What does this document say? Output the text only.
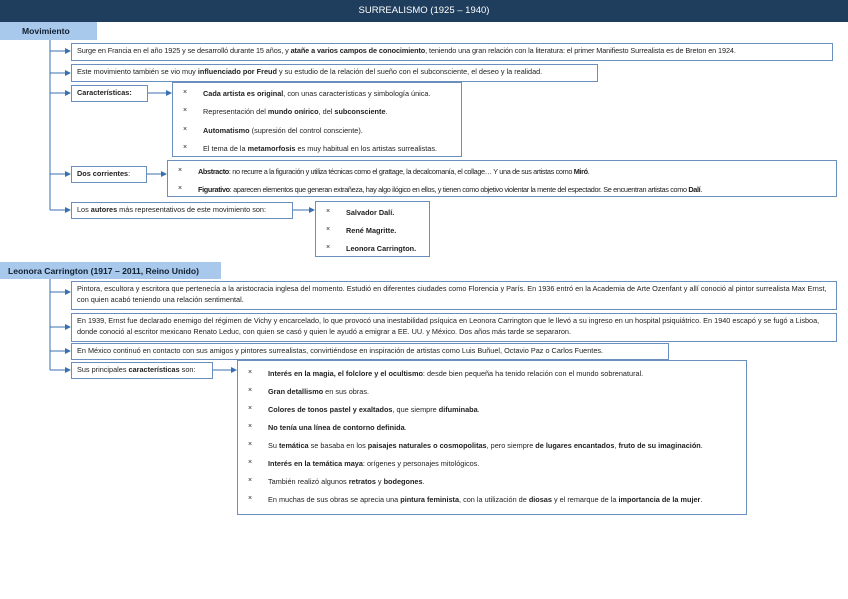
SURREALISMO (1925 – 1940)
Movimiento
Surge en Francia en el año 1925 y se desarrolló durante 15 años, y atañe a varios campos de conocimiento, teniendo una gran relación con la literatura: el primer Manifiesto Surrealista es de Breton en 1924.
Este movimiento también se vio muy influenciado por Freud y su estudio de la relación del sueño con el subconsciente, el deseo y la realidad.
Características:	× Cada artista es original, con unas características y simbología única.
× Representación del mundo onírico, del subconsciente.
× Automatismo (supresión del control consciente).
× El tema de la metamorfosis es muy habitual en los artistas surrealistas.
Dos corrientes:	× Abstracto: no recurre a la figuración y utiliza técnicas como el grattage, la decalcomanía, el collage… Y una de sus artistas como Miró.
× Figurativo: aparecen elementos que generan extrañeza, hay algo ilógico en ellos, y tienen como objetivo violentar la mente del espectador. Se encuentran artistas como Dalí.
Los autores más representativos de este movimiento son:	× Salvador Dalí.
× René Magritte.
× Leonora Carrington.
Leonora Carrington (1917 – 2011, Reino Unido)
Pintora, escultora y escritora que pertenecía a la aristocracia inglesa del momento. Estudió en diferentes ciudades como Florencia y París. En 1936 entró en la Academia de Arte Ozenfant y allí conoció al pintor surrealista Max Ernst, con quien acabó teniendo una relación sentimental.
En 1939, Ernst fue declarado enemigo del régimen de Vichy y encarcelado, lo que provocó una inestabilidad psíquica en Leonora Carrington que le llevó a su ingreso en un hospital psiquiátrico. En 1940 escapó y se fugó a Lisboa, donde conoció al escritor mexicano Renato Leduc, con quien se casó y quien le ayudó a emigrar a EE. UU. y México. Dos años más tarde se separaron.
En México continuó en contacto con sus amigos y pintores surrealistas, convirtiéndose en inspiración de artistas como Luis Buñuel, Octavio Paz o Carlos Fuentes.
Sus principales características son:	× Interés en la magia, el folclore y el ocultismo: desde bien pequeña ha tenido relación con el mundo sobrenatural.
× Gran detallismo en sus obras.
× Colores de tonos pastel y exaltados, que siempre difuminaba.
× No tenía una línea de contorno definida.
× Su temática se basaba en los paisajes naturales o cosmopolitas, pero siempre de lugares encantados, fruto de su imaginación.
× Interés en la temática maya: orígenes y personajes mitológicos.
× También realizó algunos retratos y bodegones.
× En muchas de sus obras se aprecia una pintura feminista, con la utilización de diosas y el remarque de la importancia de la mujer.
